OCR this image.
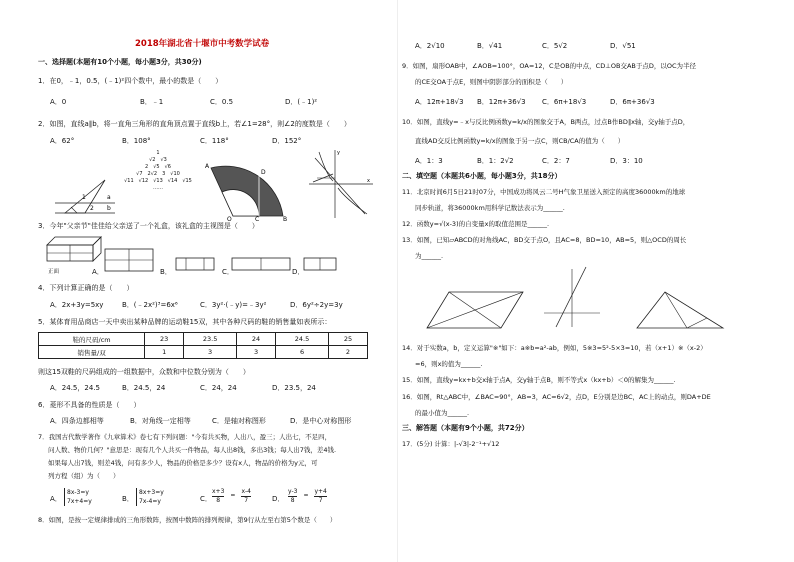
2018年湖北省十堰市中考数学试卷
一、选择题(本题有10个小题，每小题3分，共30分)
1．在0，﹣1，0.5，(﹣1)²四个数中，最小的数是（　　）
A．0	B．﹣1	C．0.5	D．(﹣1)²
2．如图，直线a∥b，将一直角三角形的直角顶点置于直线b上，若∠1=28°，则∠2的度数是（　　）
A．62°	B．108°	C．118°	D．152°
a
b
1
2
1
√2　√3
2　√5　√6
√7　2√2　3　√10
√11　√12　√13　√14　√15
……
A
B
O	C
D
x
y
3．今年"父亲节"佳佳给父亲送了一个礼盒，该礼盒的主视图是（　　）
正面	A．	B．	C．	D．
4．下列计算正确的是（　　）
A．2x+3y=5xy	B．(﹣2x²)³=6x⁶	C．3y²·(﹣y)=﹣3y²	D．6y²÷2y=3y
5．某体育用品商店一天中卖出某种品牌的运动鞋15双，其中各种尺码的鞋的销售量如表所示：
鞋的尺码/cm	23	23.5	24	24.5	25
销售量/双	1	3	3	6	2
则这15双鞋的尺码组成的一组数据中，众数和中位数分别为（　　）
A．24.5，24.5	B．24.5，24	C．24，24	D．23.5，24
6．菱形不具备的性质是（　　）
A．四条边都相等	B．对角线一定相等	C．是轴对称图形	D．是中心对称图形
7．我国古代数学著作《九章算术》卷七有下列问题："今有共买物，人出八，盈三；人出七，不足四，
问人数、物价几何？"意思是：现有几个人共买一件物品，每人出8钱，多出3钱；每人出7钱，差4钱.
如果每人出7钱，则差4钱，问有多少人，物品的价格是多少？设有x人，物品的价格为y元，可
列方程（组）为（　　）
A．
8x-3=y
7x+4=y	B．
8x+3=y
7x-4=y	C． $\frac{x+3}{8} = \frac{x-4}{7}$	D． $\frac{y-3}{8} = \frac{y+4}{7}$
8．如图，是按一定规律排成的三角形数阵，按图中数阵的排列规律，第9行从左至右第5个数是（　　）
A．2√10	B．√41	C．5√2	D．√51
9．如图，扇形OAB中，∠AOB=100°，OA=12，C是OB的中点，CD⊥OB交AB于点D，以OC为半径
的CE交OA于点E，则图中阴影部分的面积是（　　）
A．12π+18√3 B．12π+36√3 C．6π+18√3	D．6π+36√3
10．如图，直线y=﹣x与反比例函数y=k/x的图象交于A，B两点，过点B作BD∥x轴，交y轴于点D，
直线AD交反比例函数y=k/x的图象于另一点C，则CB/CA的值为（　　）
A．1：3	B．1：2√2	C．2：7	D．3：10
二、填空题（本题共6小题，每小题3分，共18分）
11．北京时间6月5日21时07分，中国成功将风云二号H气象卫星送入预定的高度36000km的地球
同步轨道，将36000km用科学记数法表示为______.
12．函数y=√(x-3)的自变量x的取值范围是______.
13．如图，已知▱ABCD的对角线AC，BD交于点O，且AC=8，BD=10，AB=5，则△OCD的周长
为______.
14．对于实数a，b，定义运算"※"如下：a※b=a²-ab，例如，5※3=5²-5×3=10，若（x+1）※（x-2）
=6，则x的值为______.
15．如图，直线y=kx+b交x轴于点A，交y轴于点B，则不等式x（kx+b）＜0的解集为______.
16．如图，Rt△ABC中，∠BAC=90°，AB=3，AC=6√2，点D，E分别是边BC，AC上的动点，则DA+DE
的最小值为______.
三、解答题（本题有9个小题，共72分）
17．(5分) 计算：|-√3|-2⁻¹+√12
